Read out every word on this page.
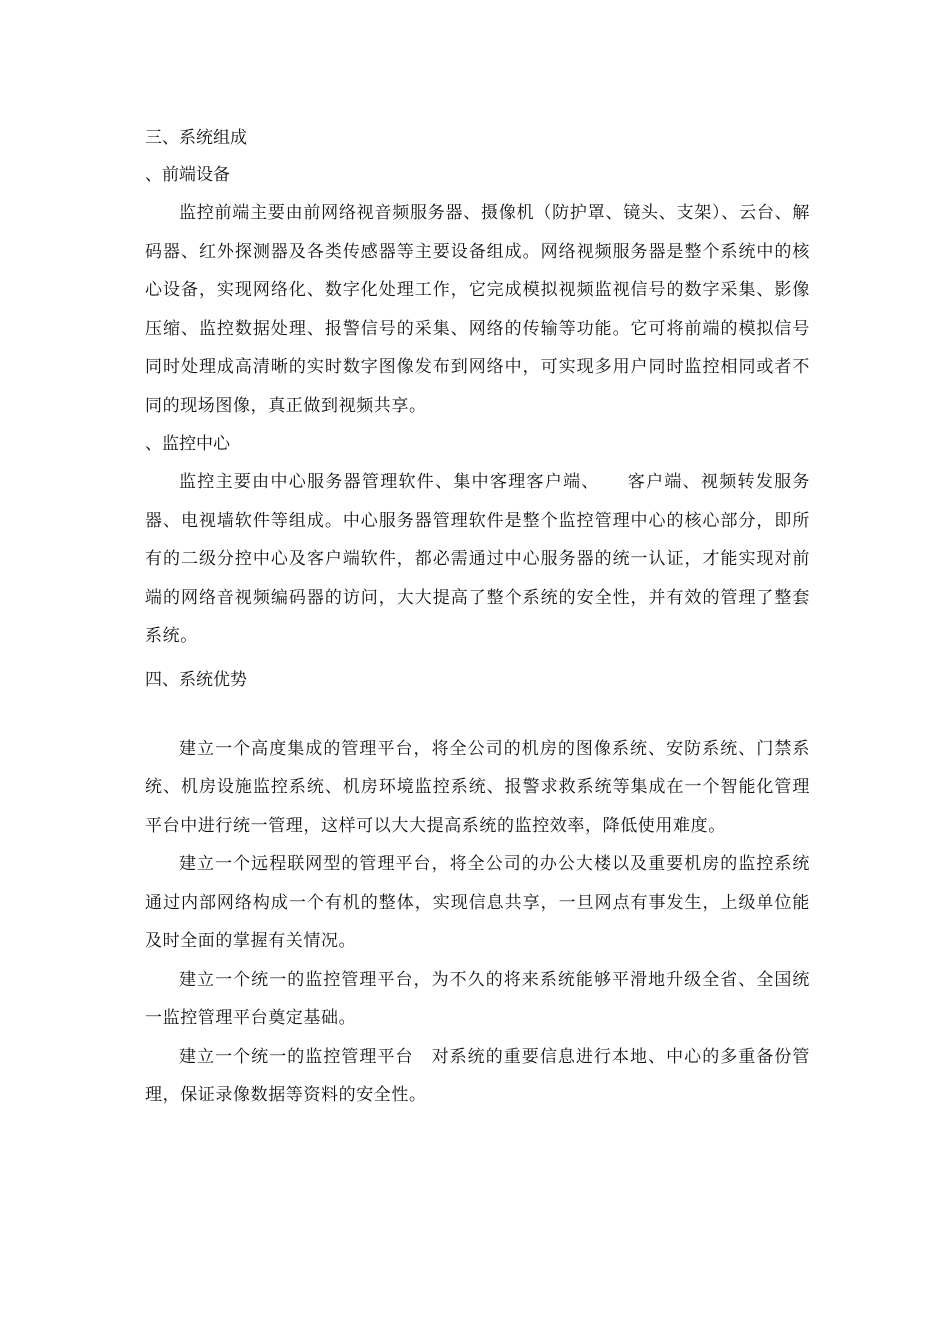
三、系统组成

、前端设备

监控前端主要由前网络视音频服务器、摄像机（防护罩、镜头、支架）、云台、解码器、红外探测器及各类传感器等主要设备组成。网络视频服务器是整个系统中的核心设备，实现网络化、数字化处理工作，它完成模拟视频监视信号的数字采集、影像压缩、监控数据处理、报警信号的采集、网络的传输等功能。它可将前端的模拟信号同时处理成高清晰的实时数字图像发布到网络中，可实现多用户同时监控相同或者不同的现场图像，真正做到视频共享。

、监控中心

监控主要由中心服务器管理软件、集中客理客户端、　　客户端、视频转发服务器、电视墙软件等组成。中心服务器管理软件是整个监控管理中心的核心部分，即所有的二级分控中心及客户端软件，都必需通过中心服务器的统一认证，才能实现对前端的网络音视频编码器的访问，大大提高了整个系统的安全性，并有效的管理了整套系统。

四、系统优势

建立一个高度集成的管理平台，将全公司的机房的图像系统、安防系统、门禁系统、机房设施监控系统、机房环境监控系统、报警求救系统等集成在一个智能化管理平台中进行统一管理，这样可以大大提高系统的监控效率，降低使用难度。

建立一个远程联网型的管理平台，将全公司的办公大楼以及重要机房的监控系统通过内部网络构成一个有机的整体，实现信息共享，一旦网点有事发生，上级单位能及时全面的掌握有关情况。

建立一个统一的监控管理平台，为不久的将来系统能够平滑地升级全省、全国统一监控管理平台奠定基础。

建立一个统一的监控管理平台　对系统的重要信息进行本地、中心的多重备份管理，保证录像数据等资料的安全性。
